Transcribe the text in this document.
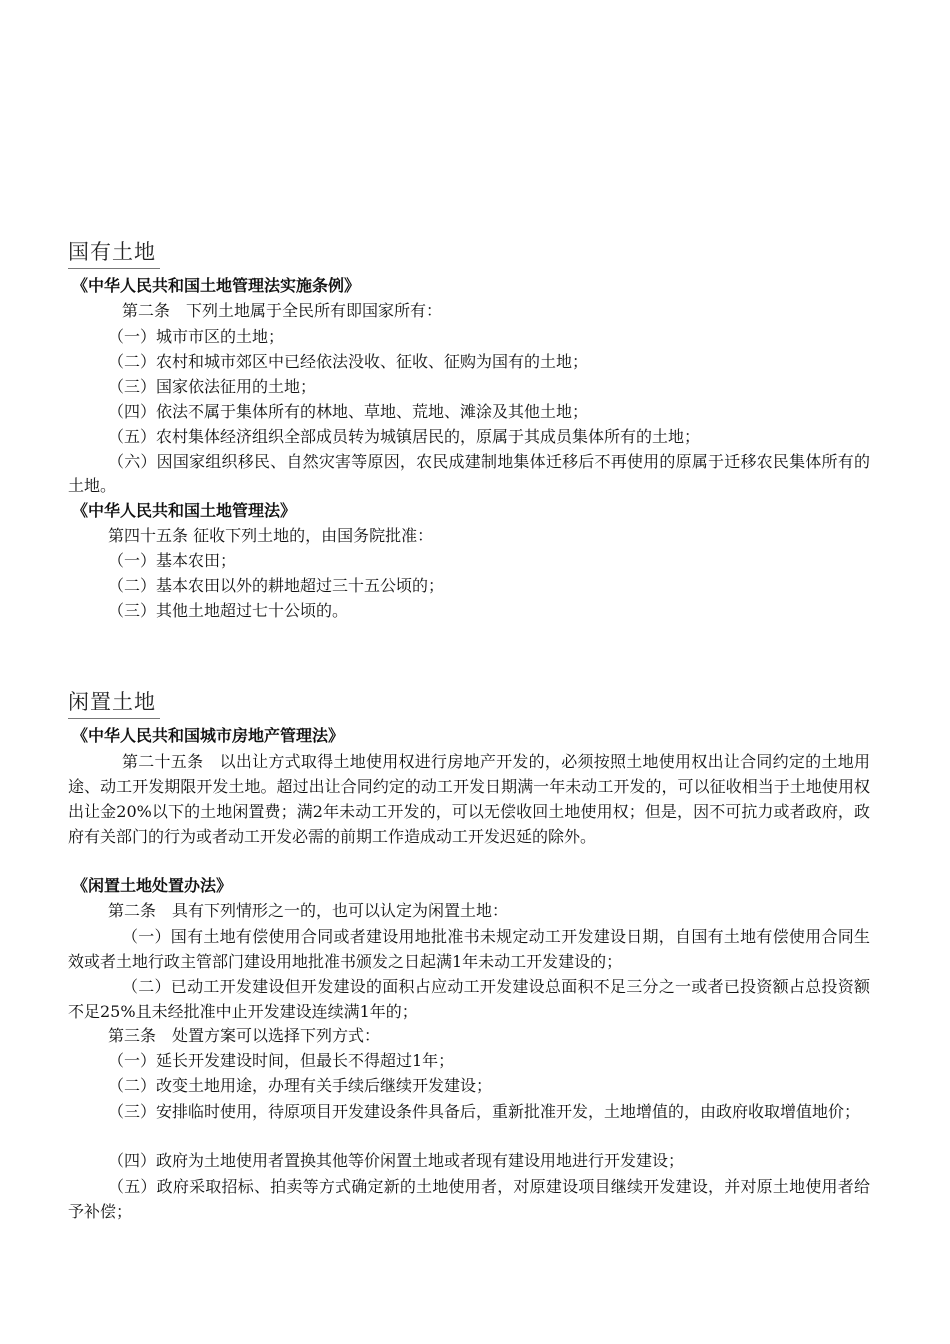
国有土地
《中华人民共和国土地管理法实施条例》
第二条　下列土地属于全民所有即国家所有：
（一）城市市区的土地；
（二）农村和城市郊区中已经依法没收、征收、征购为国有的土地；
（三）国家依法征用的土地；
（四）依法不属于集体所有的林地、草地、荒地、滩涂及其他土地；
（五）农村集体经济组织全部成员转为城镇居民的，原属于其成员集体所有的土地；
（六）因国家组织移民、自然灾害等原因，农民成建制地集体迁移后不再使用的原属于迁移农民集体所有的土地。
《中华人民共和国土地管理法》
第四十五条 征收下列土地的，由国务院批准：
（一）基本农田；
（二）基本农田以外的耕地超过三十五公顷的；
（三）其他土地超过七十公顷的。
闲置土地
《中华人民共和国城市房地产管理法》
第二十五条　以出让方式取得土地使用权进行房地产开发的，必须按照土地使用权出让合同约定的土地用途、动工开发期限开发土地。超过出让合同约定的动工开发日期满一年未动工开发的，可以征收相当于土地使用权出让金20%以下的土地闲置费；满2年未动工开发的，可以无偿收回土地使用权；但是，因不可抗力或者政府，政府有关部门的行为或者动工开发必需的前期工作造成动工开发迟延的除外。
《闲置土地处置办法》
第二条　具有下列情形之一的，也可以认定为闲置土地：
（一）国有土地有偿使用合同或者建设用地批准书未规定动工开发建设日期，自国有土地有偿使用合同生效或者土地行政主管部门建设用地批准书颁发之日起满1年未动工开发建设的；
（二）已动工开发建设但开发建设的面积占应动工开发建设总面积不足三分之一或者已投资额占总投资额不足25%且未经批准中止开发建设连续满1年的；
第三条　处置方案可以选择下列方式：
（一）延长开发建设时间，但最长不得超过1年；
（二）改变土地用途，办理有关手续后继续开发建设；
（三）安排临时使用，待原项目开发建设条件具备后，重新批准开发，土地增值的，由政府收取增值地价；
（四）政府为土地使用者置换其他等价闲置土地或者现有建设用地进行开发建设；
（五）政府采取招标、拍卖等方式确定新的土地使用者，对原建设项目继续开发建设，并对原土地使用者给予补偿；
